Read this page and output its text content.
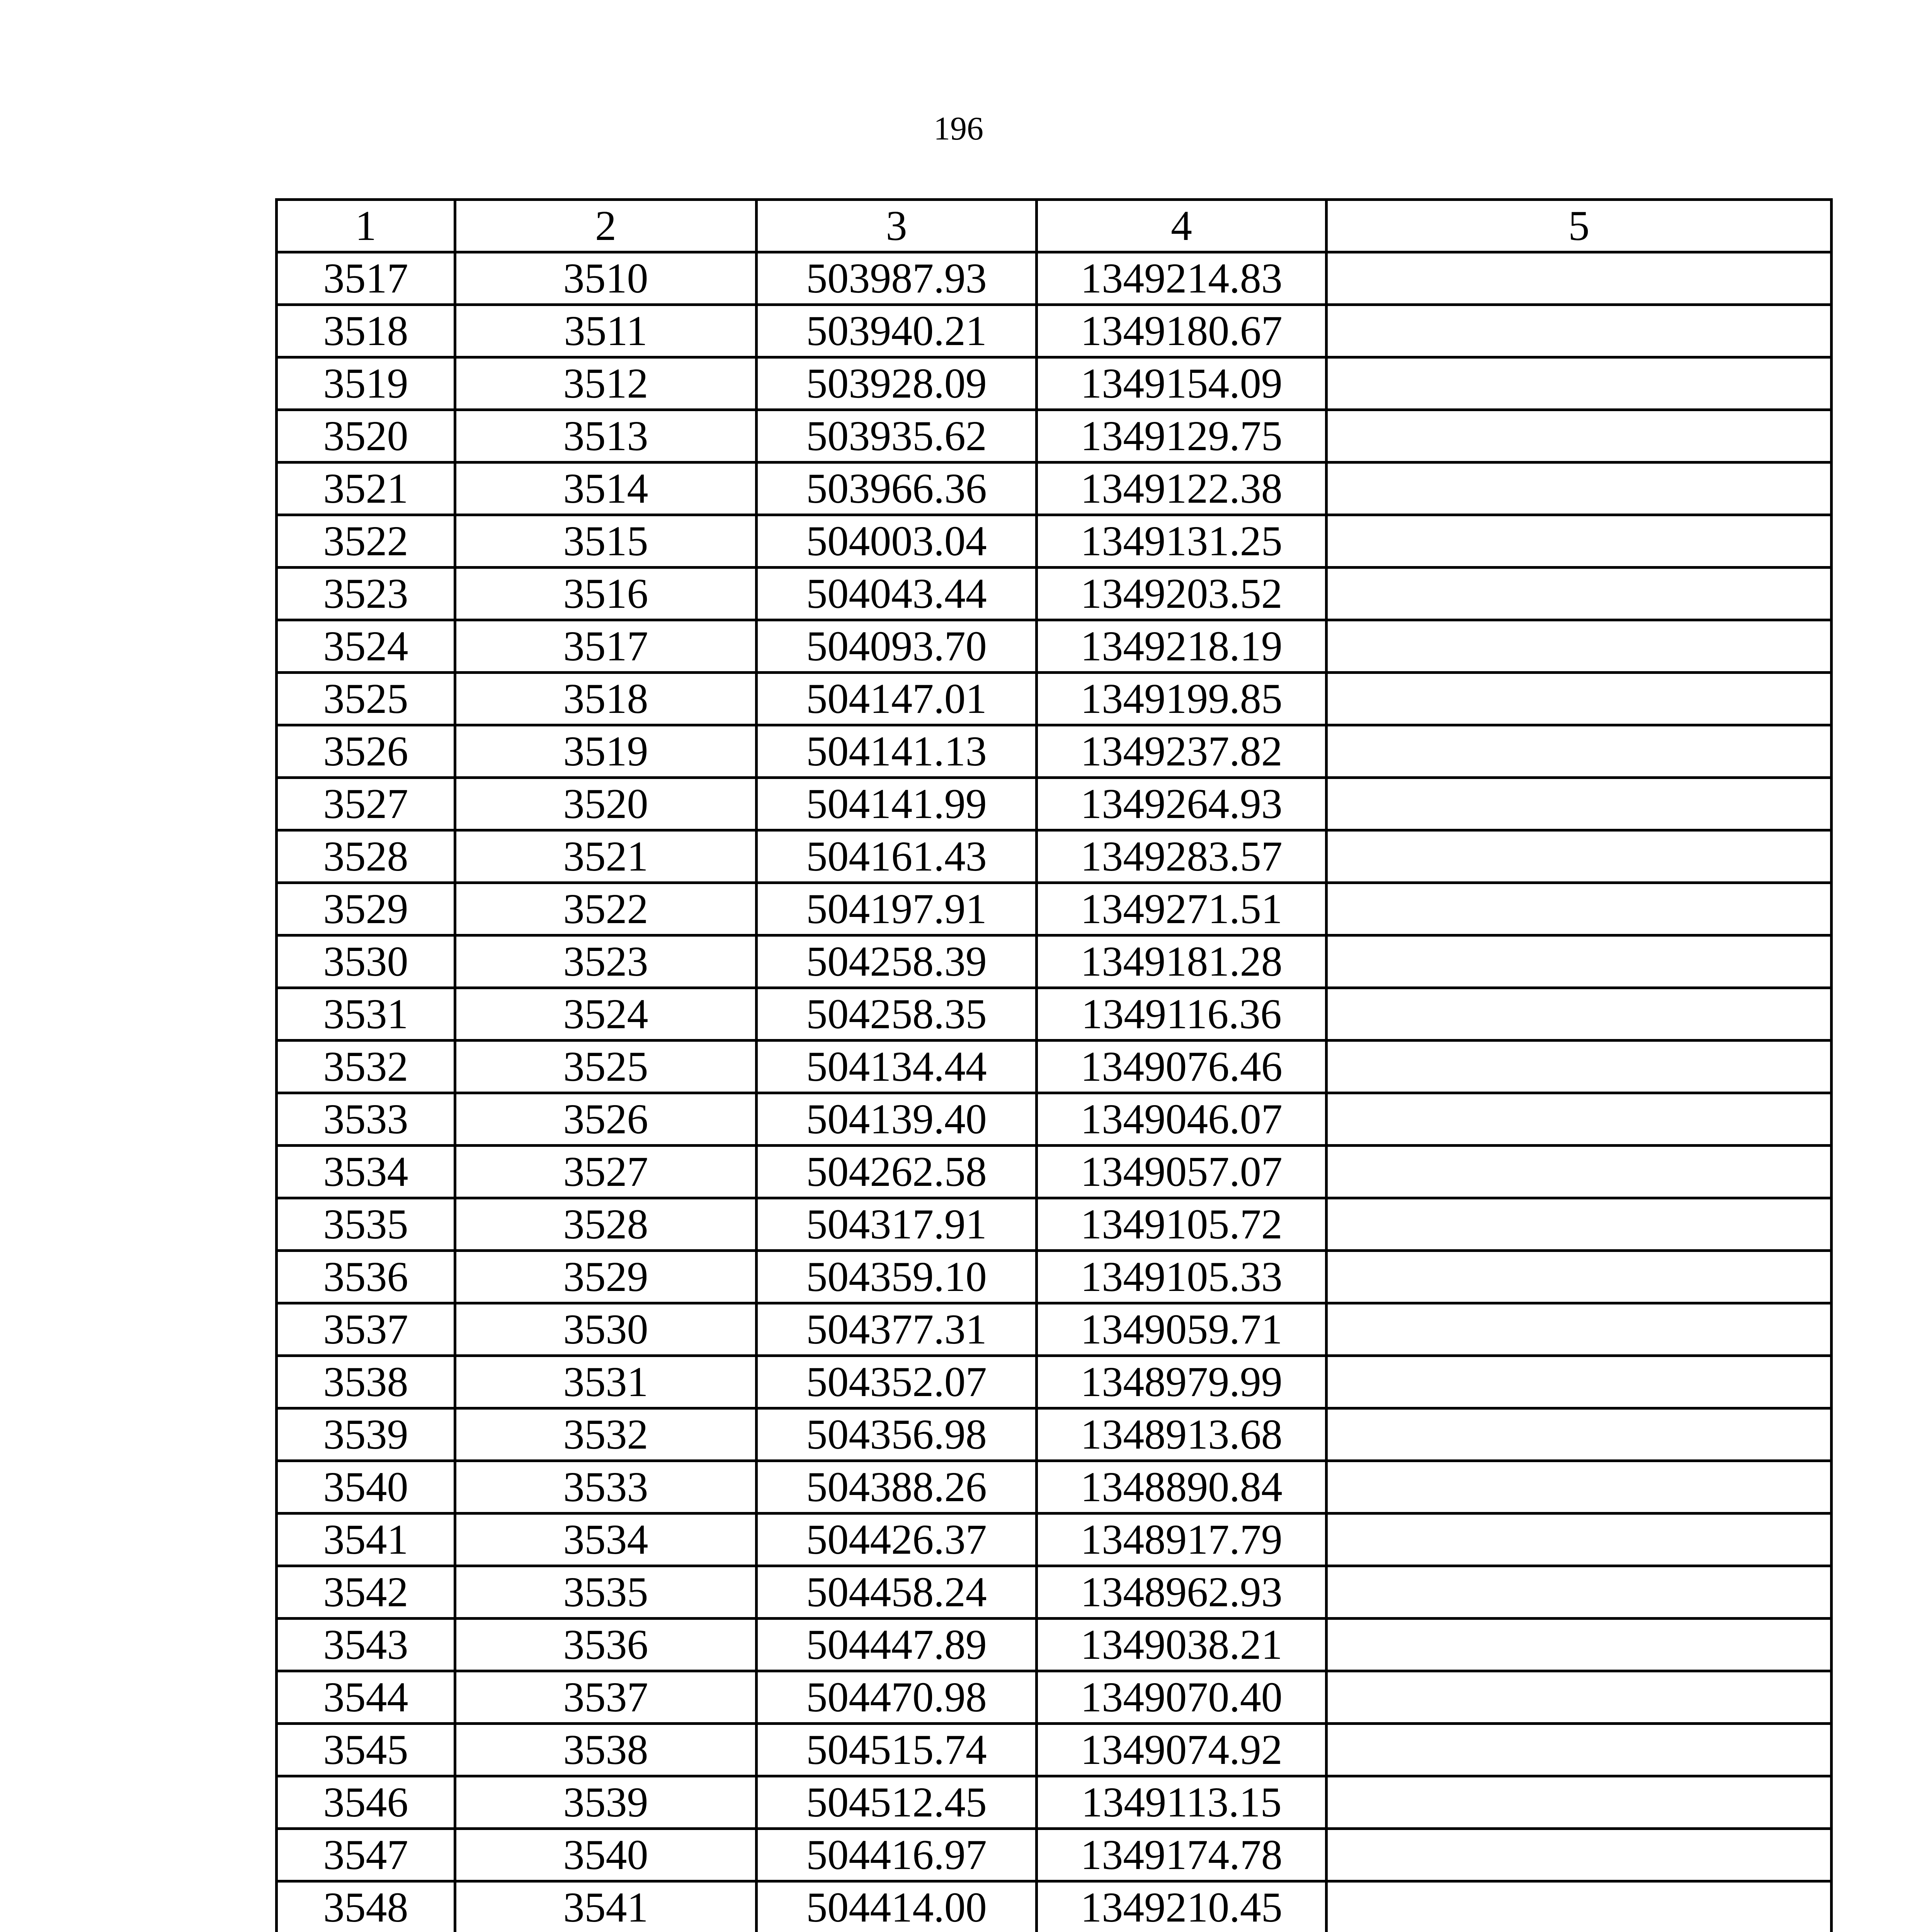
196
1	2	3	4	5
3517	3510	503987.93	1349214.83	
3518	3511	503940.21	1349180.67	
3519	3512	503928.09	1349154.09	
3520	3513	503935.62	1349129.75	
3521	3514	503966.36	1349122.38	
3522	3515	504003.04	1349131.25	
3523	3516	504043.44	1349203.52	
3524	3517	504093.70	1349218.19	
3525	3518	504147.01	1349199.85	
3526	3519	504141.13	1349237.82	
3527	3520	504141.99	1349264.93	
3528	3521	504161.43	1349283.57	
3529	3522	504197.91	1349271.51	
3530	3523	504258.39	1349181.28	
3531	3524	504258.35	1349116.36	
3532	3525	504134.44	1349076.46	
3533	3526	504139.40	1349046.07	
3534	3527	504262.58	1349057.07	
3535	3528	504317.91	1349105.72	
3536	3529	504359.10	1349105.33	
3537	3530	504377.31	1349059.71	
3538	3531	504352.07	1348979.99	
3539	3532	504356.98	1348913.68	
3540	3533	504388.26	1348890.84	
3541	3534	504426.37	1348917.79	
3542	3535	504458.24	1348962.93	
3543	3536	504447.89	1349038.21	
3544	3537	504470.98	1349070.40	
3545	3538	504515.74	1349074.92	
3546	3539	504512.45	1349113.15	
3547	3540	504416.97	1349174.78	
3548	3541	504414.00	1349210.45	
